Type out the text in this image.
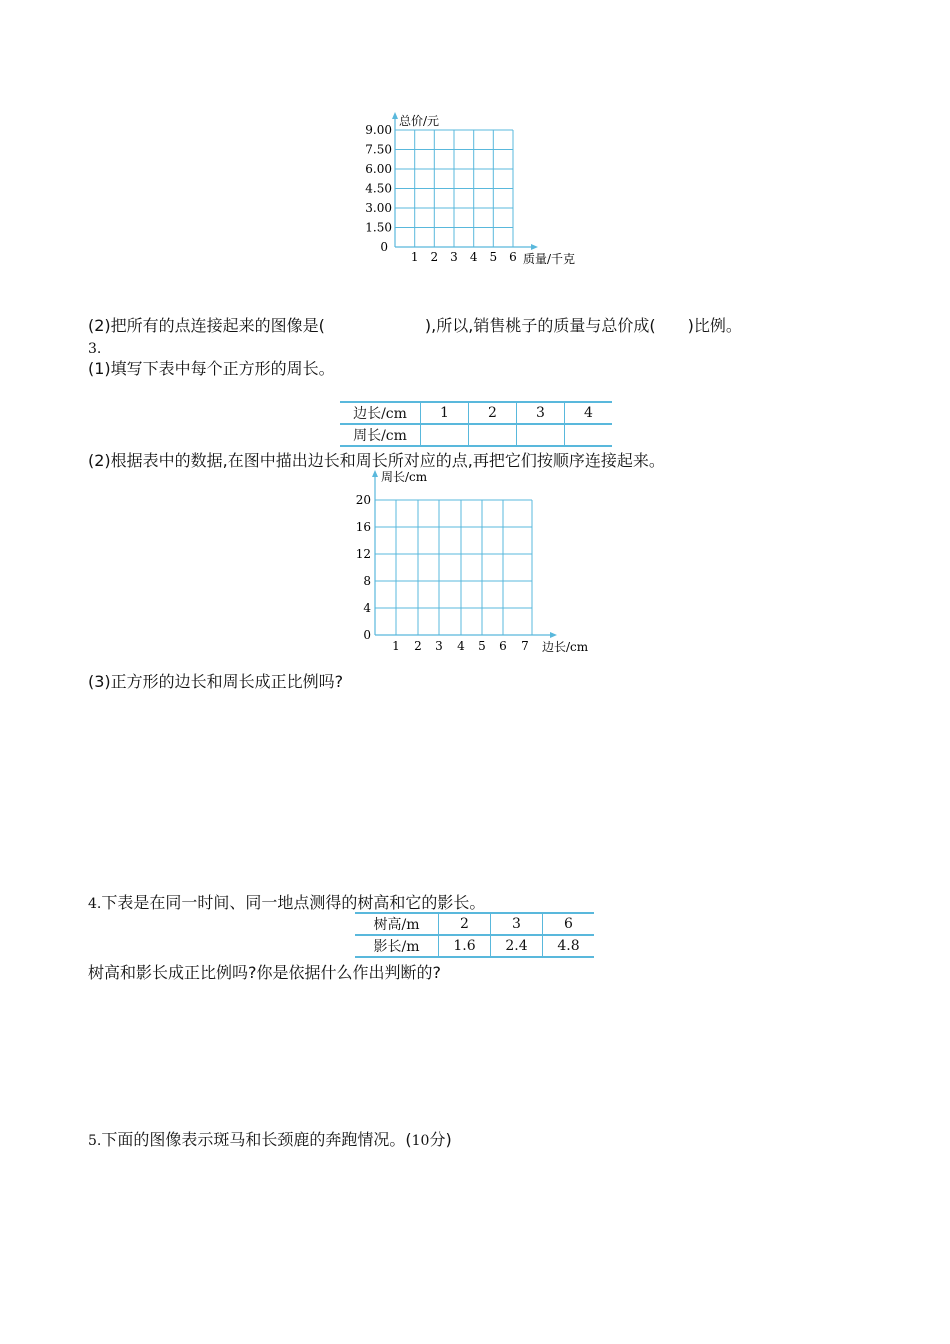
总价/元
9.00
7.50
6.00
4.50
3.00
1.50
0
1 2 3 4 5 6 质量/千克
(2)把所有的点连接起来的图像是(	),所以,销售桃子的质量与总价成( )比例。
3.
(1)填写下表中每个正方形的周长。
边长/cm	1	2	3	4
周长/cm				
(2)根据表中的数据,在图中描出边长和周长所对应的点,再把它们按顺序连接起来。
周长/cm
20
16
12
8
4
0
1 2 3 4 5 6 7 边长/cm
(3)正方形的边长和周长成正比例吗?
4.下表是在同一时间、同一地点测得的树高和它的影长。
树高/m	2	3	6
影长/m	1.6	2.4	4.8
树高和影长成正比例吗?你是依据什么作出判断的?
5.下面的图像表示斑马和长颈鹿的奔跑情况。(10分)
